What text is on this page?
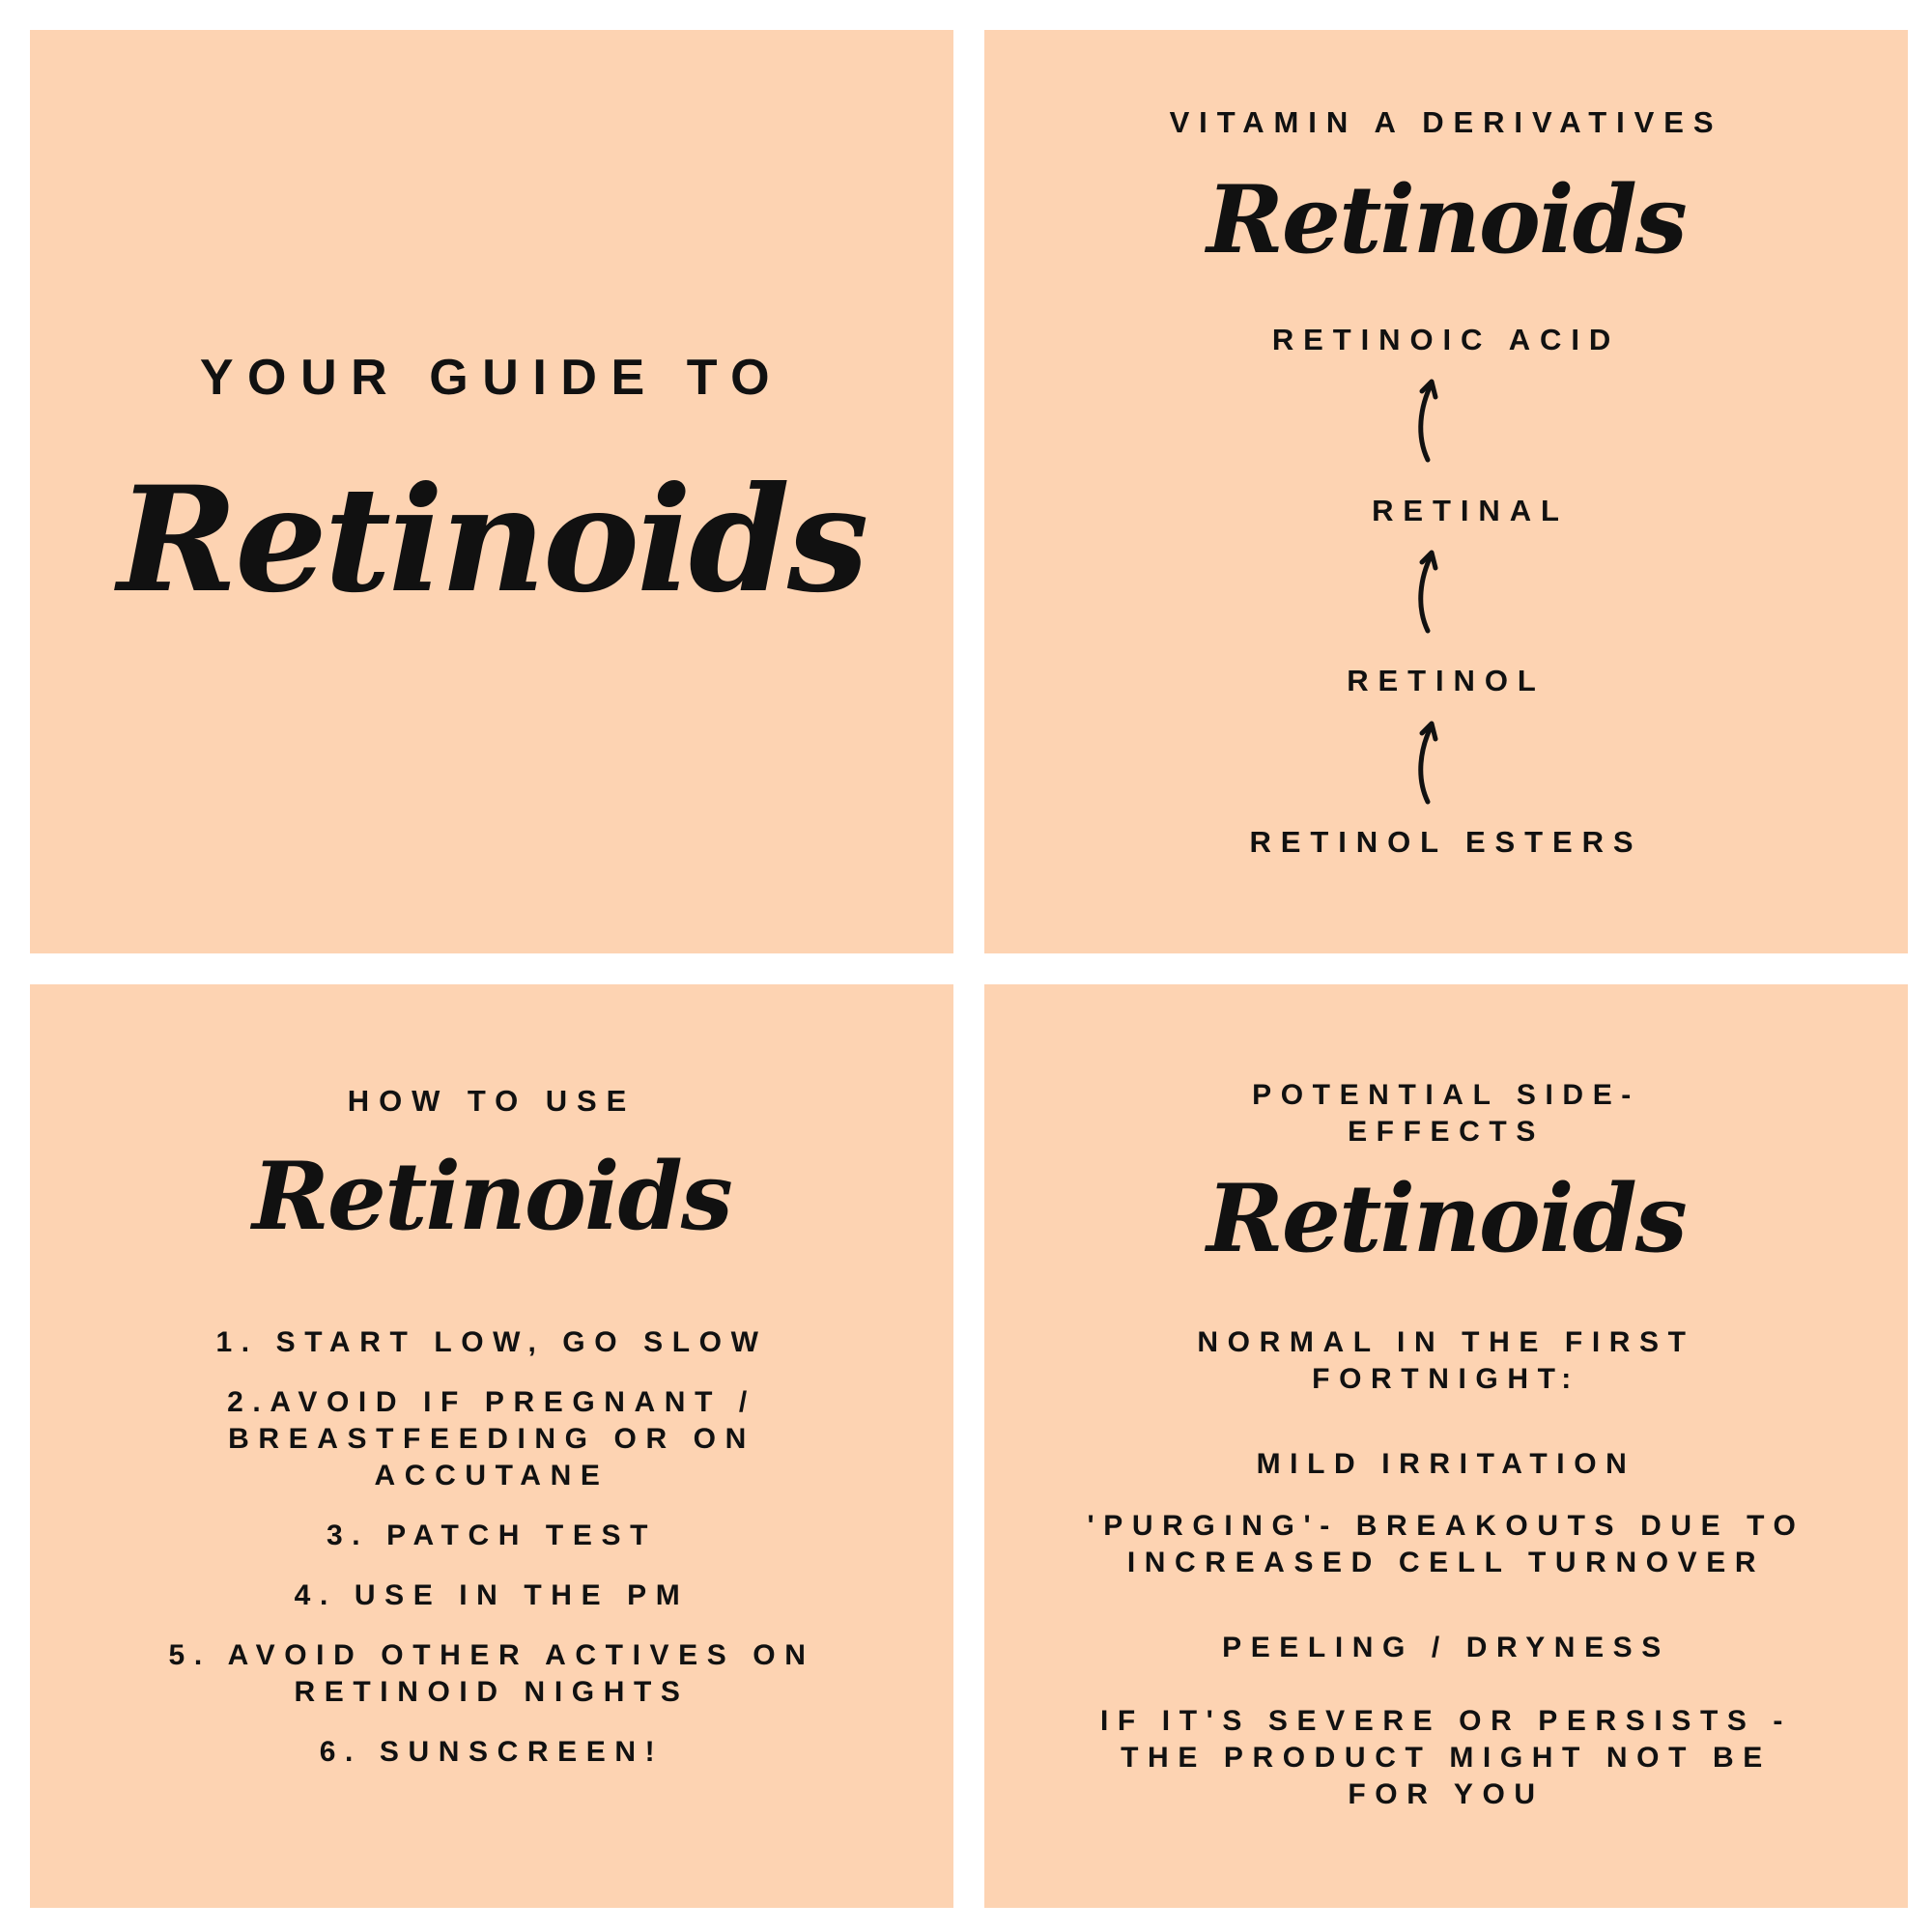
YOUR GUIDE TO
Retinoids
VITAMIN A DERIVATIVES
Retinoids
RETINOIC ACID
RETINAL
RETINOL
RETINOL ESTERS
HOW TO USE
Retinoids

1. START LOW, GO SLOW

2.AVOID IF PREGNANT / BREASTFEEDING OR ON ACCUTANE

3. PATCH TEST

4. USE IN THE PM

5. AVOID OTHER ACTIVES ON RETINOID NIGHTS

6. SUNSCREEN!

POTENTIAL SIDE-EFFECTS

Retinoids

NORMAL IN THE FIRST FORTNIGHT:

MILD IRRITATION

'PURGING'- BREAKOUTS DUE TO INCREASED CELL TURNOVER

PEELING / DRYNESS

IF IT'S SEVERE OR PERSISTS - THE PRODUCT MIGHT NOT BE FOR YOU
